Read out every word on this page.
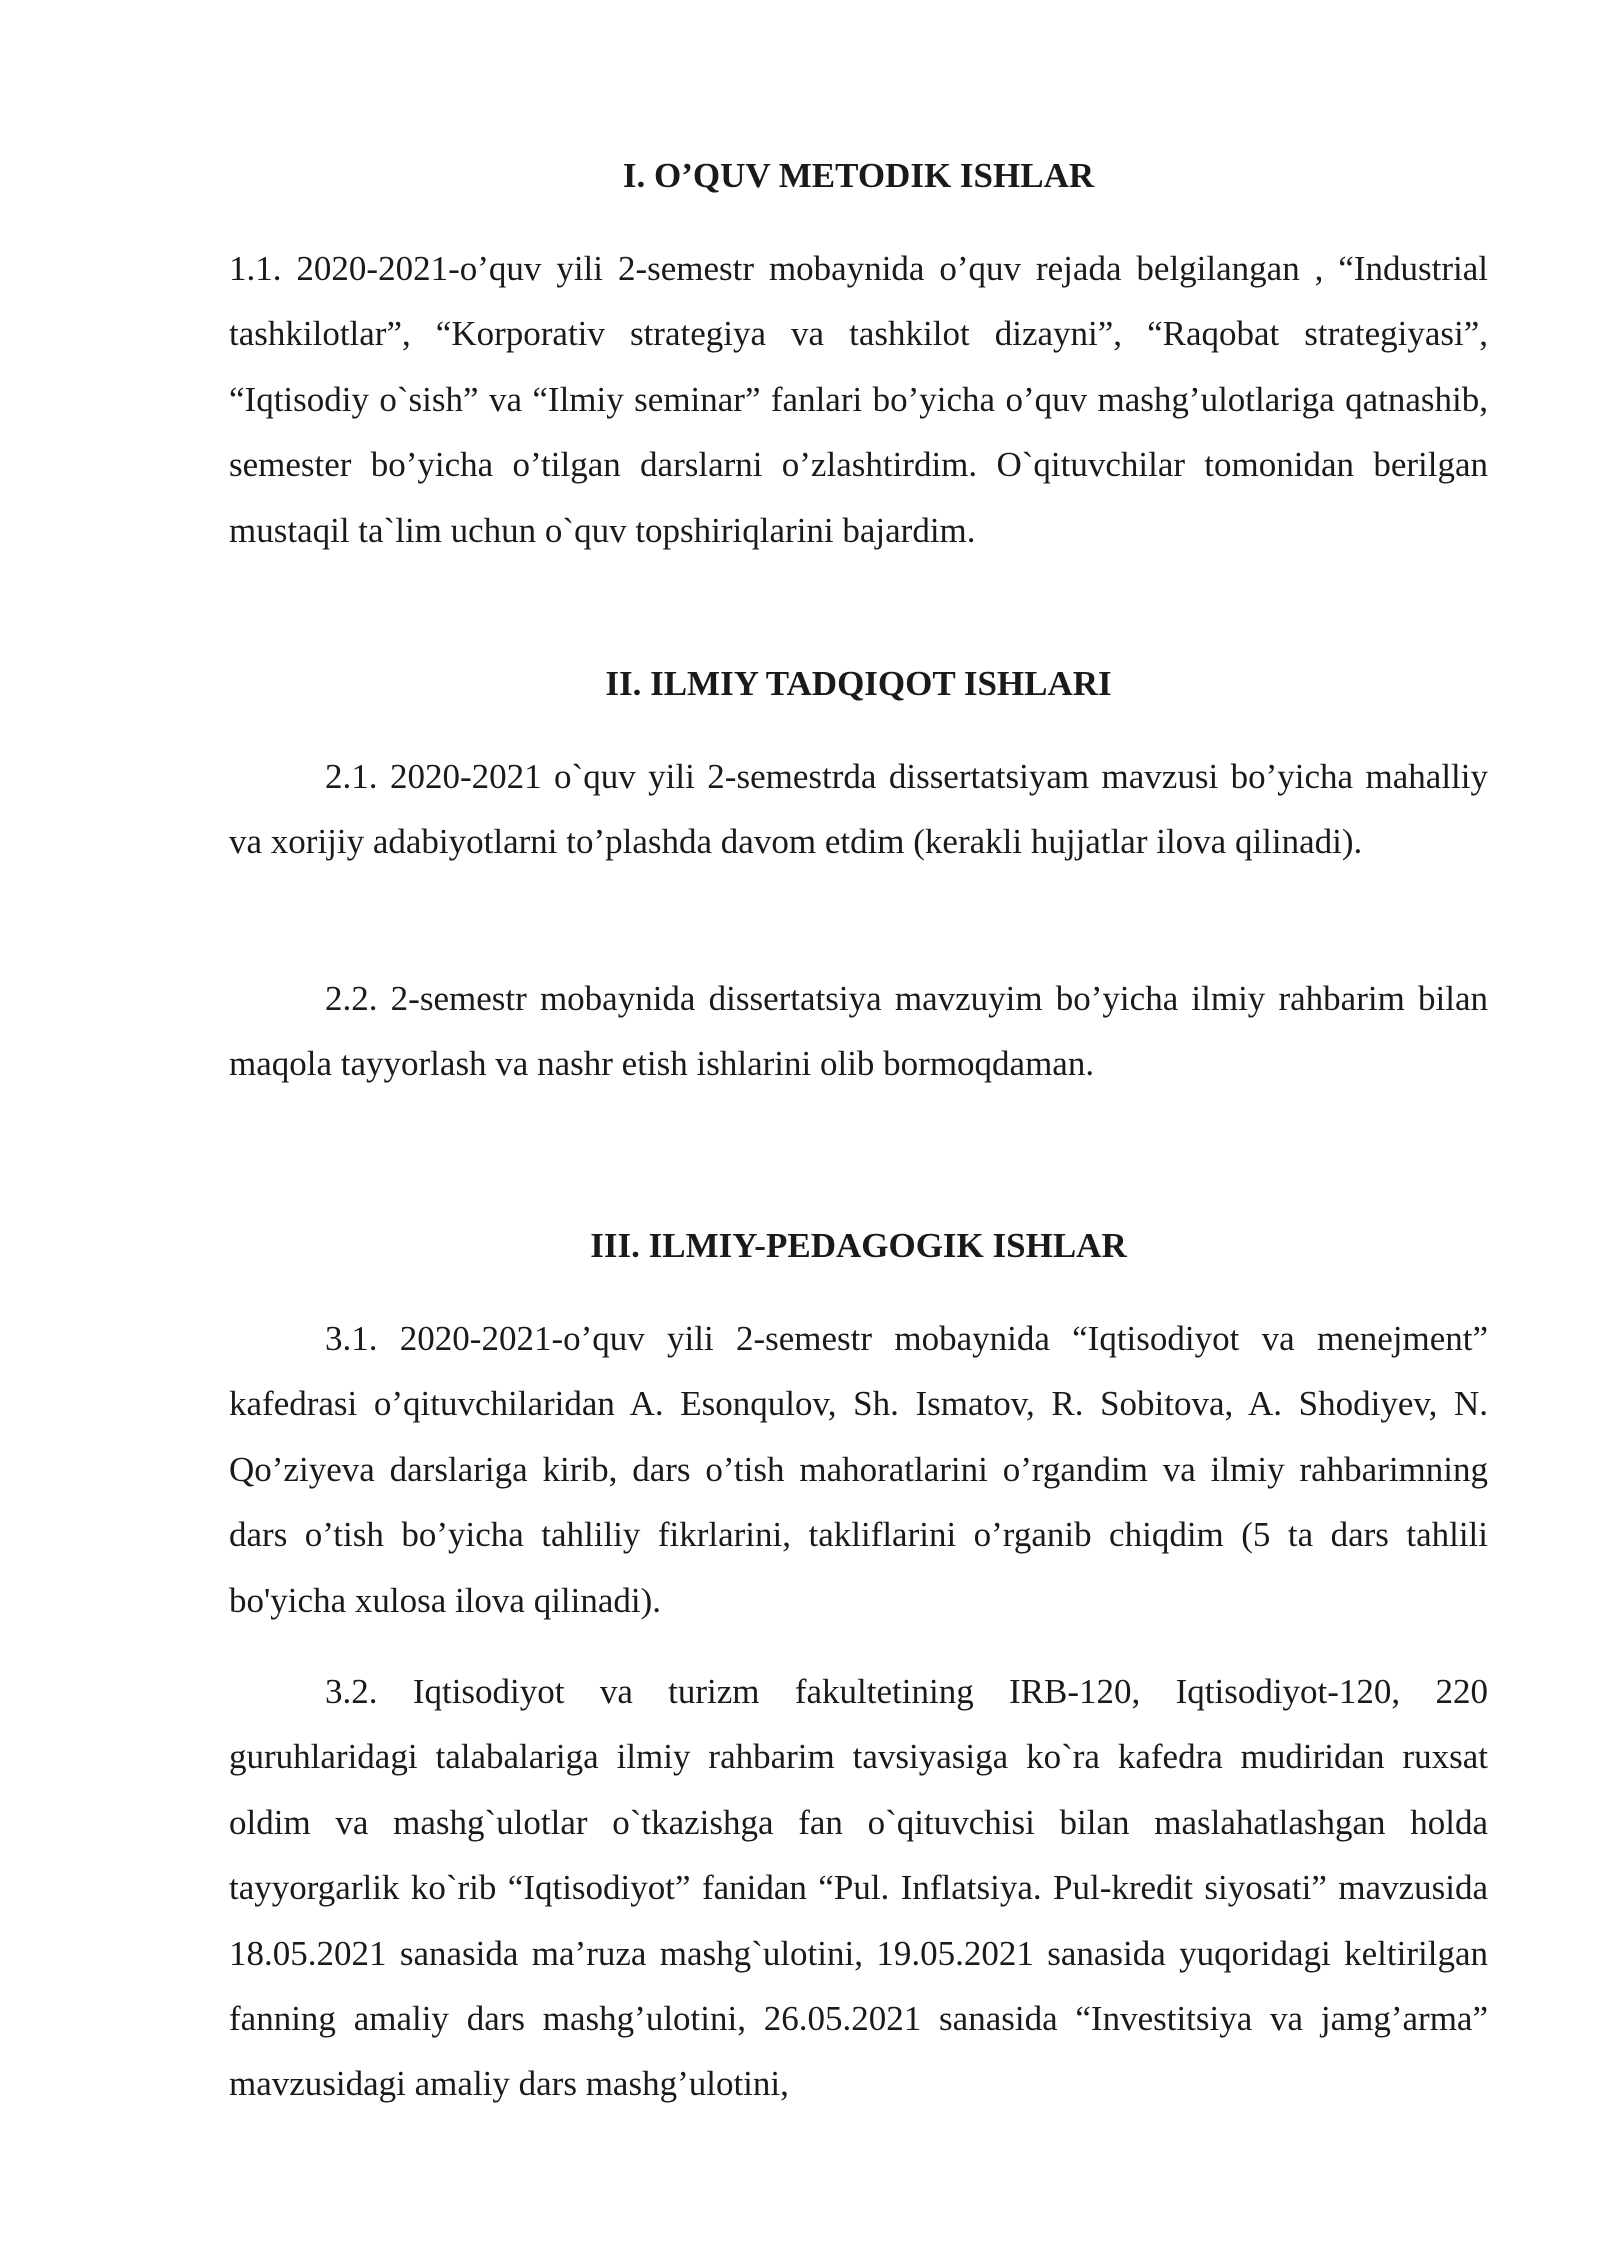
I. O’QUV METODIK ISHLAR

1.1. 2020-2021-o’quv yili 2-semestr mobaynida o’quv rejada belgilangan , “Industrial tashkilotlar”, “Korporativ strategiya va tashkilot dizayni”, “Raqobat strategiyasi”, “Iqtisodiy o`sish” va “Ilmiy seminar” fanlari bo’yicha o’quv mashg’ulotlariga qatnashib, semester bo’yicha o’tilgan darslarni o’zlashtirdim. O`qituvchilar tomonidan berilgan mustaqil ta`lim uchun o`quv topshiriqlarini bajardim.

II. ILMIY TADQIQOT ISHLARI

2.1. 2020-2021 o`quv yili 2-semestrda dissertatsiyam mavzusi bo’yicha mahalliy va xorijiy adabiyotlarni to’plashda davom etdim (kerakli hujjatlar ilova qilinadi).

2.2. 2-semestr mobaynida dissertatsiya mavzuyim bo’yicha ilmiy rahbarim bilan maqola tayyorlash va nashr etish ishlarini olib bormoqdaman.

III. ILMIY-PEDAGOGIK ISHLAR

3.1. 2020-2021-o’quv yili 2-semestr mobaynida “Iqtisodiyot va menejment” kafedrasi o’qituvchilaridan A. Esonqulov, Sh. Ismatov, R. Sobitova, A. Shodiyev, N. Qo’ziyeva darslariga kirib, dars o’tish mahoratlarini o’rgandim va ilmiy rahbarimning dars o’tish bo’yicha tahliliy fikrlarini, takliflarini o’rganib chiqdim (5 ta dars tahlili bo'yicha xulosa ilova qilinadi).

3.2. Iqtisodiyot va turizm fakultetining IRB-120, Iqtisodiyot-120, 220 guruhlaridagi talabalariga ilmiy rahbarim tavsiyasiga ko`ra kafedra mudiridan ruxsat oldim va mashg`ulotlar o`tkazishga fan o`qituvchisi bilan maslahatlashgan holda tayyorgarlik ko`rib “Iqtisodiyot” fanidan “Pul. Inflatsiya. Pul-kredit siyosati” mavzusida 18.05.2021 sanasida ma’ruza mashg`ulotini, 19.05.2021 sanasida yuqoridagi keltirilgan fanning amaliy dars mashg’ulotini, 26.05.2021 sanasida “Investitsiya va jamg’arma” mavzusidagi amaliy dars mashg’ulotini,
